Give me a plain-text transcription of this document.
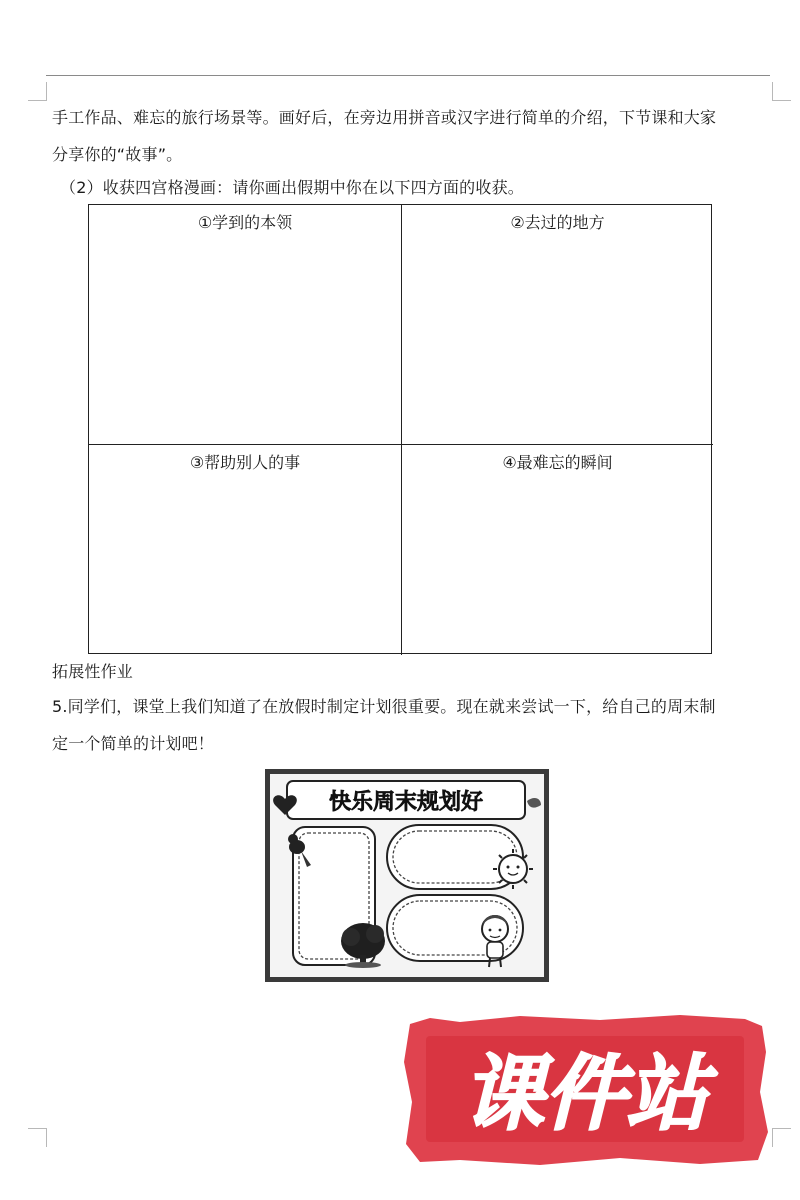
手工作品、难忘的旅行场景等。画好后，在旁边用拼音或汉字进行简单的介绍，下节课和大家
分享你的“故事”。
（2）收获四宫格漫画：请你画出假期中你在以下四方面的收获。
①学到的本领	②去过的地方
③帮助别人的事	④最难忘的瞬间
拓展性作业
5.同学们，课堂上我们知道了在放假时制定计划很重要。现在就来尝试一下，给自己的周末制
定一个简单的计划吧！
快乐周末规划好
课件站
